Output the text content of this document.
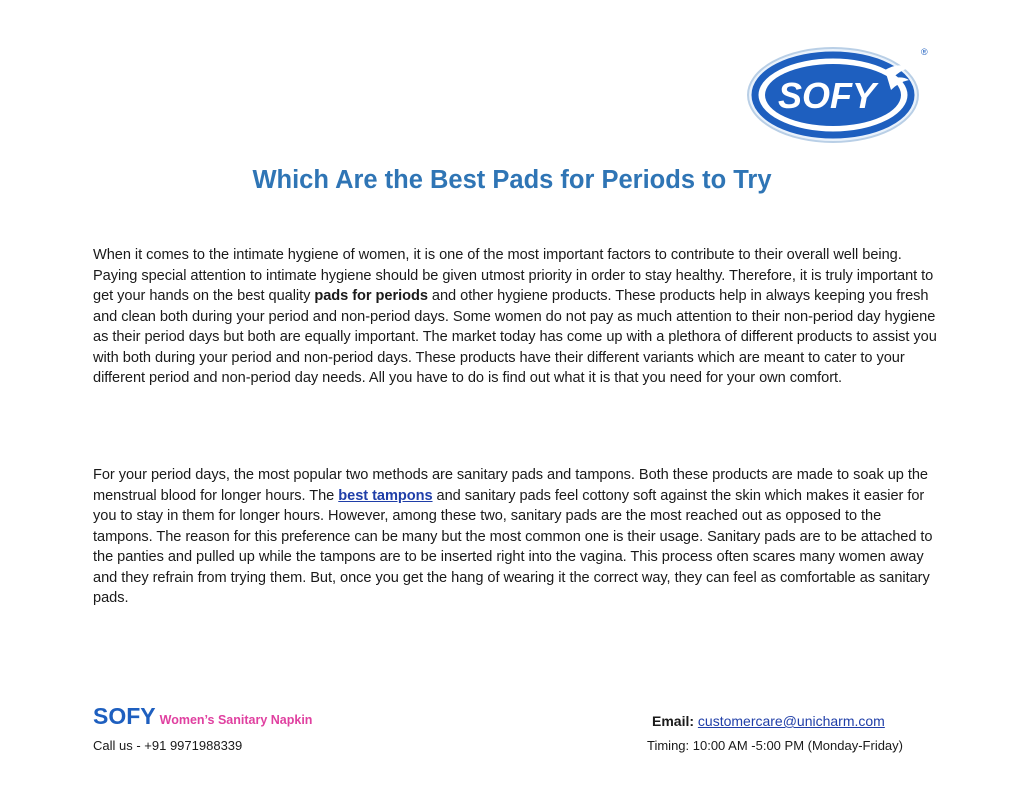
SOFY
®
Which Are the Best Pads for Periods to Try

When it comes to the intimate hygiene of women, it is one of the most important factors to contribute to their overall well being. Paying special attention to intimate hygiene should be given utmost priority in order to stay healthy. Therefore, it is truly important to get your hands on the best quality pads for periods and other hygiene products. These products help in always keeping you fresh and clean both during your period and non-period days. Some women do not pay as much attention to their non-period day hygiene as their period days but both are equally important. The market today has come up with a plethora of different products to assist you with both during your period and non-period days. These products have their different variants which are meant to cater to your different period and non-period day needs. All you have to do is find out what it is that you need for your own comfort.

For your period days, the most popular two methods are sanitary pads and tampons. Both these products are made to soak up the menstrual blood for longer hours. The best tampons and sanitary pads feel cottony soft against the skin which makes it easier for you to stay in them for longer hours. However, among these two, sanitary pads are the most reached out as opposed to the tampons. The reason for this preference can be many but the most common one is their usage. Sanitary pads are to be attached to the panties and pulled up while the tampons are to be inserted right into the vagina. This process often scares many women away and they refrain from trying them. But, once you get the hang of wearing it the correct way, they can feel as comfortable as sanitary pads.

SOFY Women’s Sanitary Napkin
Call us - +91 9971988339
Email: customercare@unicharm.com
Timing: 10:00 AM -5:00 PM (Monday-Friday)
